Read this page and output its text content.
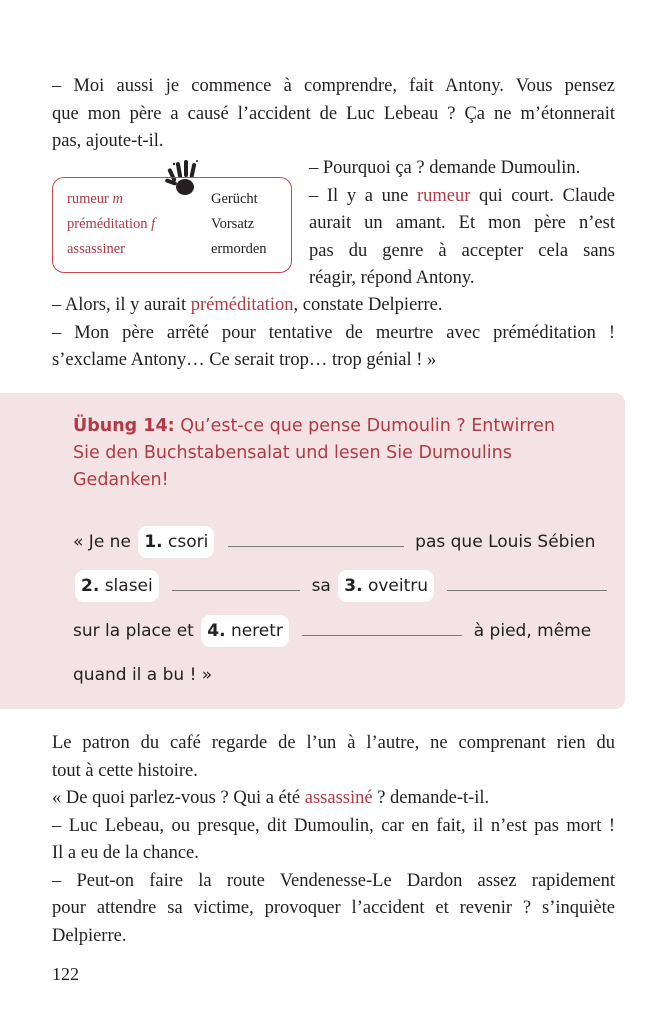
– Moi aussi je commence à comprendre, fait Antony. Vous pensez
que mon père a causé l’accident de Luc Lebeau ? Ça ne m’étonnerait
pas, ajoute-t-il.
rumeur m	Gerücht
préméditation f	Vorsatz
assassiner	ermorden
– Pourquoi ça ? demande Dumoulin.
– Il y a une rumeur qui court. Claude
aurait un amant. Et mon père n’est
pas du genre à accepter cela sans
réagir, répond Antony.
– Alors, il y aurait préméditation, constate Delpierre.
– Mon père arrêté pour tentative de meurtre avec préméditation !
s’exclame Antony… Ce serait trop… trop génial ! »
Übung 14: Qu’est-ce que pense Dumoulin ? Entwirren
Sie den Buchstabensalat und lesen Sie Dumoulins
Gedanken!
« Je ne 1. csori	pas que Louis Sébien
2. slasei	sa 3. oveitru
sur la place et 4. neretr	à pied, même
quand il a bu ! »
Le patron du café regarde de l’un à l’autre, ne comprenant rien du
tout à cette histoire.
« De quoi parlez-vous ? Qui a été assassiné ? demande-t-il.
– Luc Lebeau, ou presque, dit Dumoulin, car en fait, il n’est pas mort !
Il a eu de la chance.
– Peut-on faire la route Vendenesse-Le Dardon assez rapidement
pour attendre sa victime, provoquer l’accident et revenir ? s’inquiète
Delpierre.
122
